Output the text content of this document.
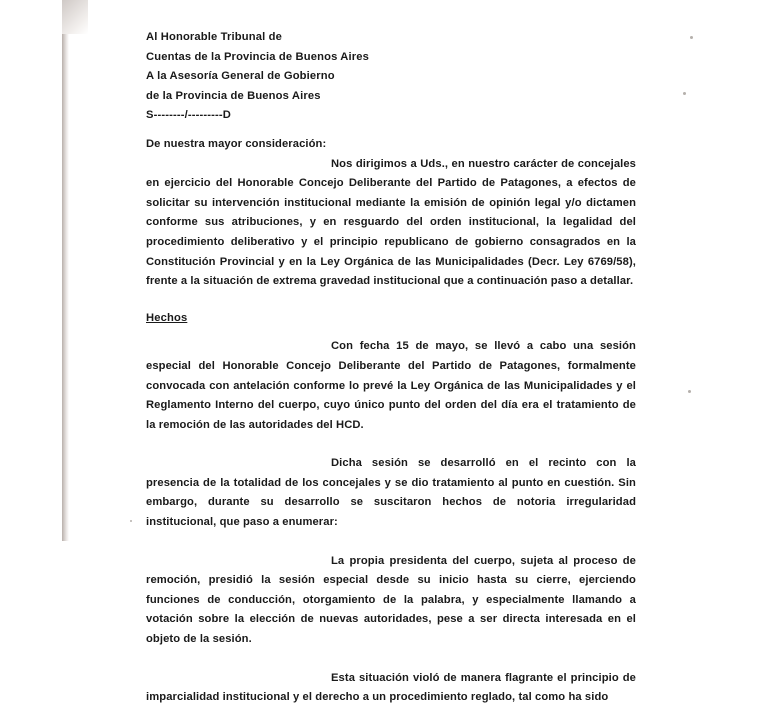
Al Honorable Tribunal de
Cuentas de la Provincia de Buenos Aires
A la Asesoría General de Gobierno
de la Provincia de Buenos Aires
S--------/---------D
De nuestra mayor consideración:

Nos dirigimos a Uds., en nuestro carácter de concejales en ejercicio del Honorable Concejo Deliberante del Partido de Patagones, a efectos de solicitar su intervención institucional mediante la emisión de opinión legal y/o dictamen conforme sus atribuciones, y en resguardo del orden institucional, la legalidad del procedimiento deliberativo y el principio republicano de gobierno consagrados en la Constitución Provincial y en la Ley Orgánica de las Municipalidades (Decr. Ley 6769/58), frente a la situación de extrema gravedad institucional que a continuación paso a detallar.

Hechos

Con fecha 15 de mayo, se llevó a cabo una sesión especial del Honorable Concejo Deliberante del Partido de Patagones, formalmente convocada con antelación conforme lo prevé la Ley Orgánica de las Municipalidades y el Reglamento Interno del cuerpo, cuyo único punto del orden del día era el tratamiento de la remoción de las autoridades del HCD.

Dicha sesión se desarrolló en el recinto con la presencia de la totalidad de los concejales y se dio tratamiento al punto en cuestión. Sin embargo, durante su desarrollo se suscitaron hechos de notoria irregularidad institucional, que paso a enumerar:

La propia presidenta del cuerpo, sujeta al proceso de remoción, presidió la sesión especial desde su inicio hasta su cierre, ejerciendo funciones de conducción, otorgamiento de la palabra, y especialmente llamando a votación sobre la elección de nuevas autoridades, pese a ser directa interesada en el objeto de la sesión.

Esta situación violó de manera flagrante el principio de imparcialidad institucional y el derecho a un procedimiento reglado, tal como ha sido
